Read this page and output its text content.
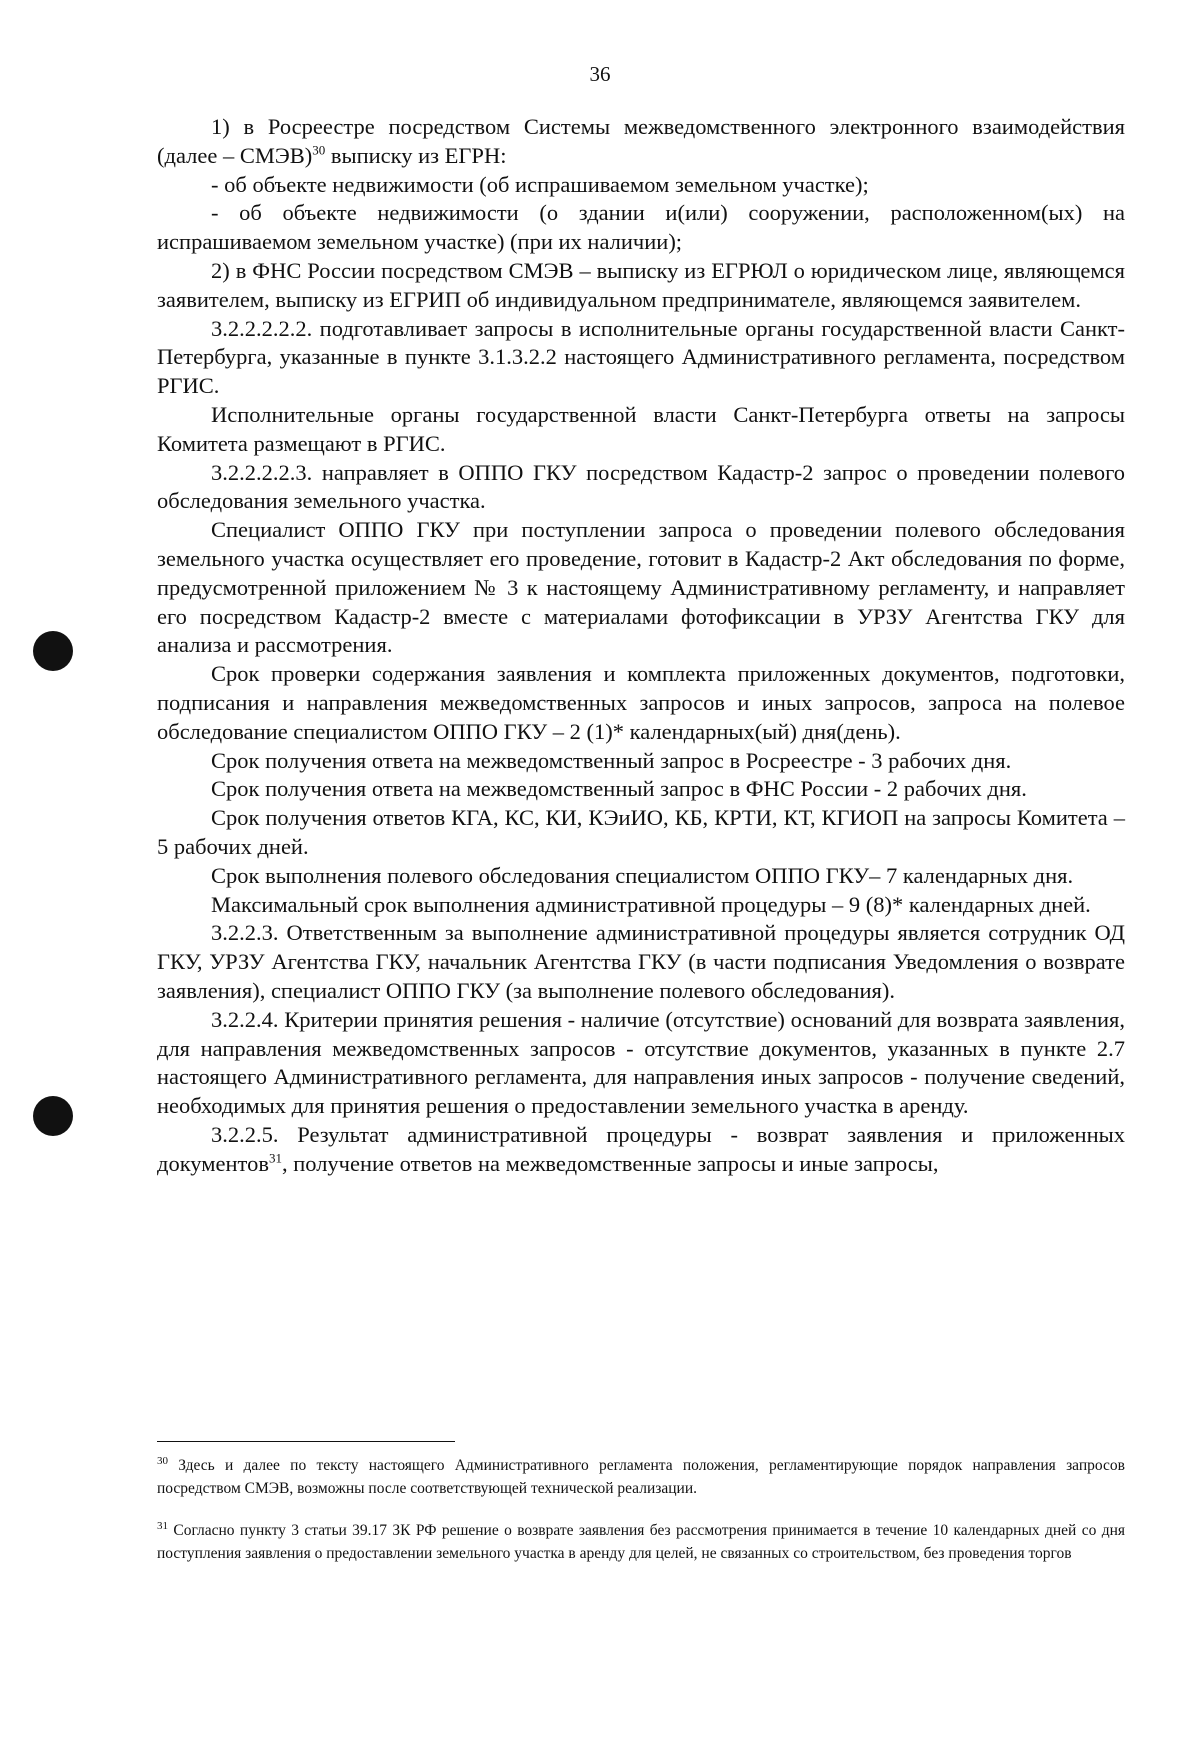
36

1) в Росреестре посредством Системы межведомственного электронного взаимодействия (далее – СМЭВ)$^{30}$ выписку из ЕГРН:

- об объекте недвижимости (об испрашиваемом земельном участке);

- об объекте недвижимости (о здании и(или) сооружении, расположенном(ых) на испрашиваемом земельном участке) (при их наличии);

2) в ФНС России посредством СМЭВ – выписку из ЕГРЮЛ о юридическом лице, являющемся заявителем, выписку из ЕГРИП об индивидуальном предпринимателе, являющемся заявителем.

3.2.2.2.2.2. подготавливает запросы в исполнительные органы государственной власти Санкт-Петербурга, указанные в пункте 3.1.3.2.2 настоящего Административного регламента, посредством РГИС.

Исполнительные органы государственной власти Санкт-Петербурга ответы на запросы Комитета размещают в РГИС.

3.2.2.2.2.3. направляет в ОППО ГКУ посредством Кадастр-2 запрос о проведении полевого обследования земельного участка.

Специалист ОППО ГКУ при поступлении запроса о проведении полевого обследования земельного участка осуществляет его проведение, готовит в Кадастр-2 Акт обследования по форме, предусмотренной приложением № 3 к настоящему Административному регламенту, и направляет его посредством Кадастр-2 вместе с материалами фотофиксации в УРЗУ Агентства ГКУ для анализа и рассмотрения.

Срок проверки содержания заявления и комплекта приложенных документов, подготовки, подписания и направления межведомственных запросов и иных запросов, запроса на полевое обследование специалистом ОППО ГКУ – 2 (1)* календарных(ый) дня(день).

Срок получения ответа на межведомственный запрос в Росреестре - 3 рабочих дня.

Срок получения ответа на межведомственный запрос в ФНС России - 2 рабочих дня.

Срок получения ответов КГА, КС, КИ, КЭиИО, КБ, КРТИ, КТ, КГИОП на запросы Комитета – 5 рабочих дней.

Срок выполнения полевого обследования специалистом ОППО ГКУ– 7 календарных дня.

Максимальный срок выполнения административной процедуры – 9 (8)* календарных дней.

3.2.2.3. Ответственным за выполнение административной процедуры является сотрудник ОД ГКУ, УРЗУ Агентства ГКУ, начальник Агентства ГКУ (в части подписания Уведомления о возврате заявления), специалист ОППО ГКУ (за выполнение полевого обследования).

3.2.2.4. Критерии принятия решения - наличие (отсутствие) оснований для возврата заявления, для направления межведомственных запросов - отсутствие документов, указанных в пункте 2.7 настоящего Административного регламента, для направления иных запросов - получение сведений, необходимых для принятия решения о предоставлении земельного участка в аренду.

3.2.2.5. Результат административной процедуры - возврат заявления и приложенных документов$^{31}$, получение ответов на межведомственные запросы и иные запросы,

$^{30}$ Здесь и далее по тексту настоящего Административного регламента положения, регламентирующие порядок направления запросов посредством СМЭВ, возможны после соответствующей технической реализации.

$^{31}$ Согласно пункту 3 статьи 39.17 ЗК РФ решение о возврате заявления без рассмотрения принимается в течение 10 календарных дней со дня поступления заявления о предоставлении земельного участка в аренду для целей, не связанных со строительством, без проведения торгов
